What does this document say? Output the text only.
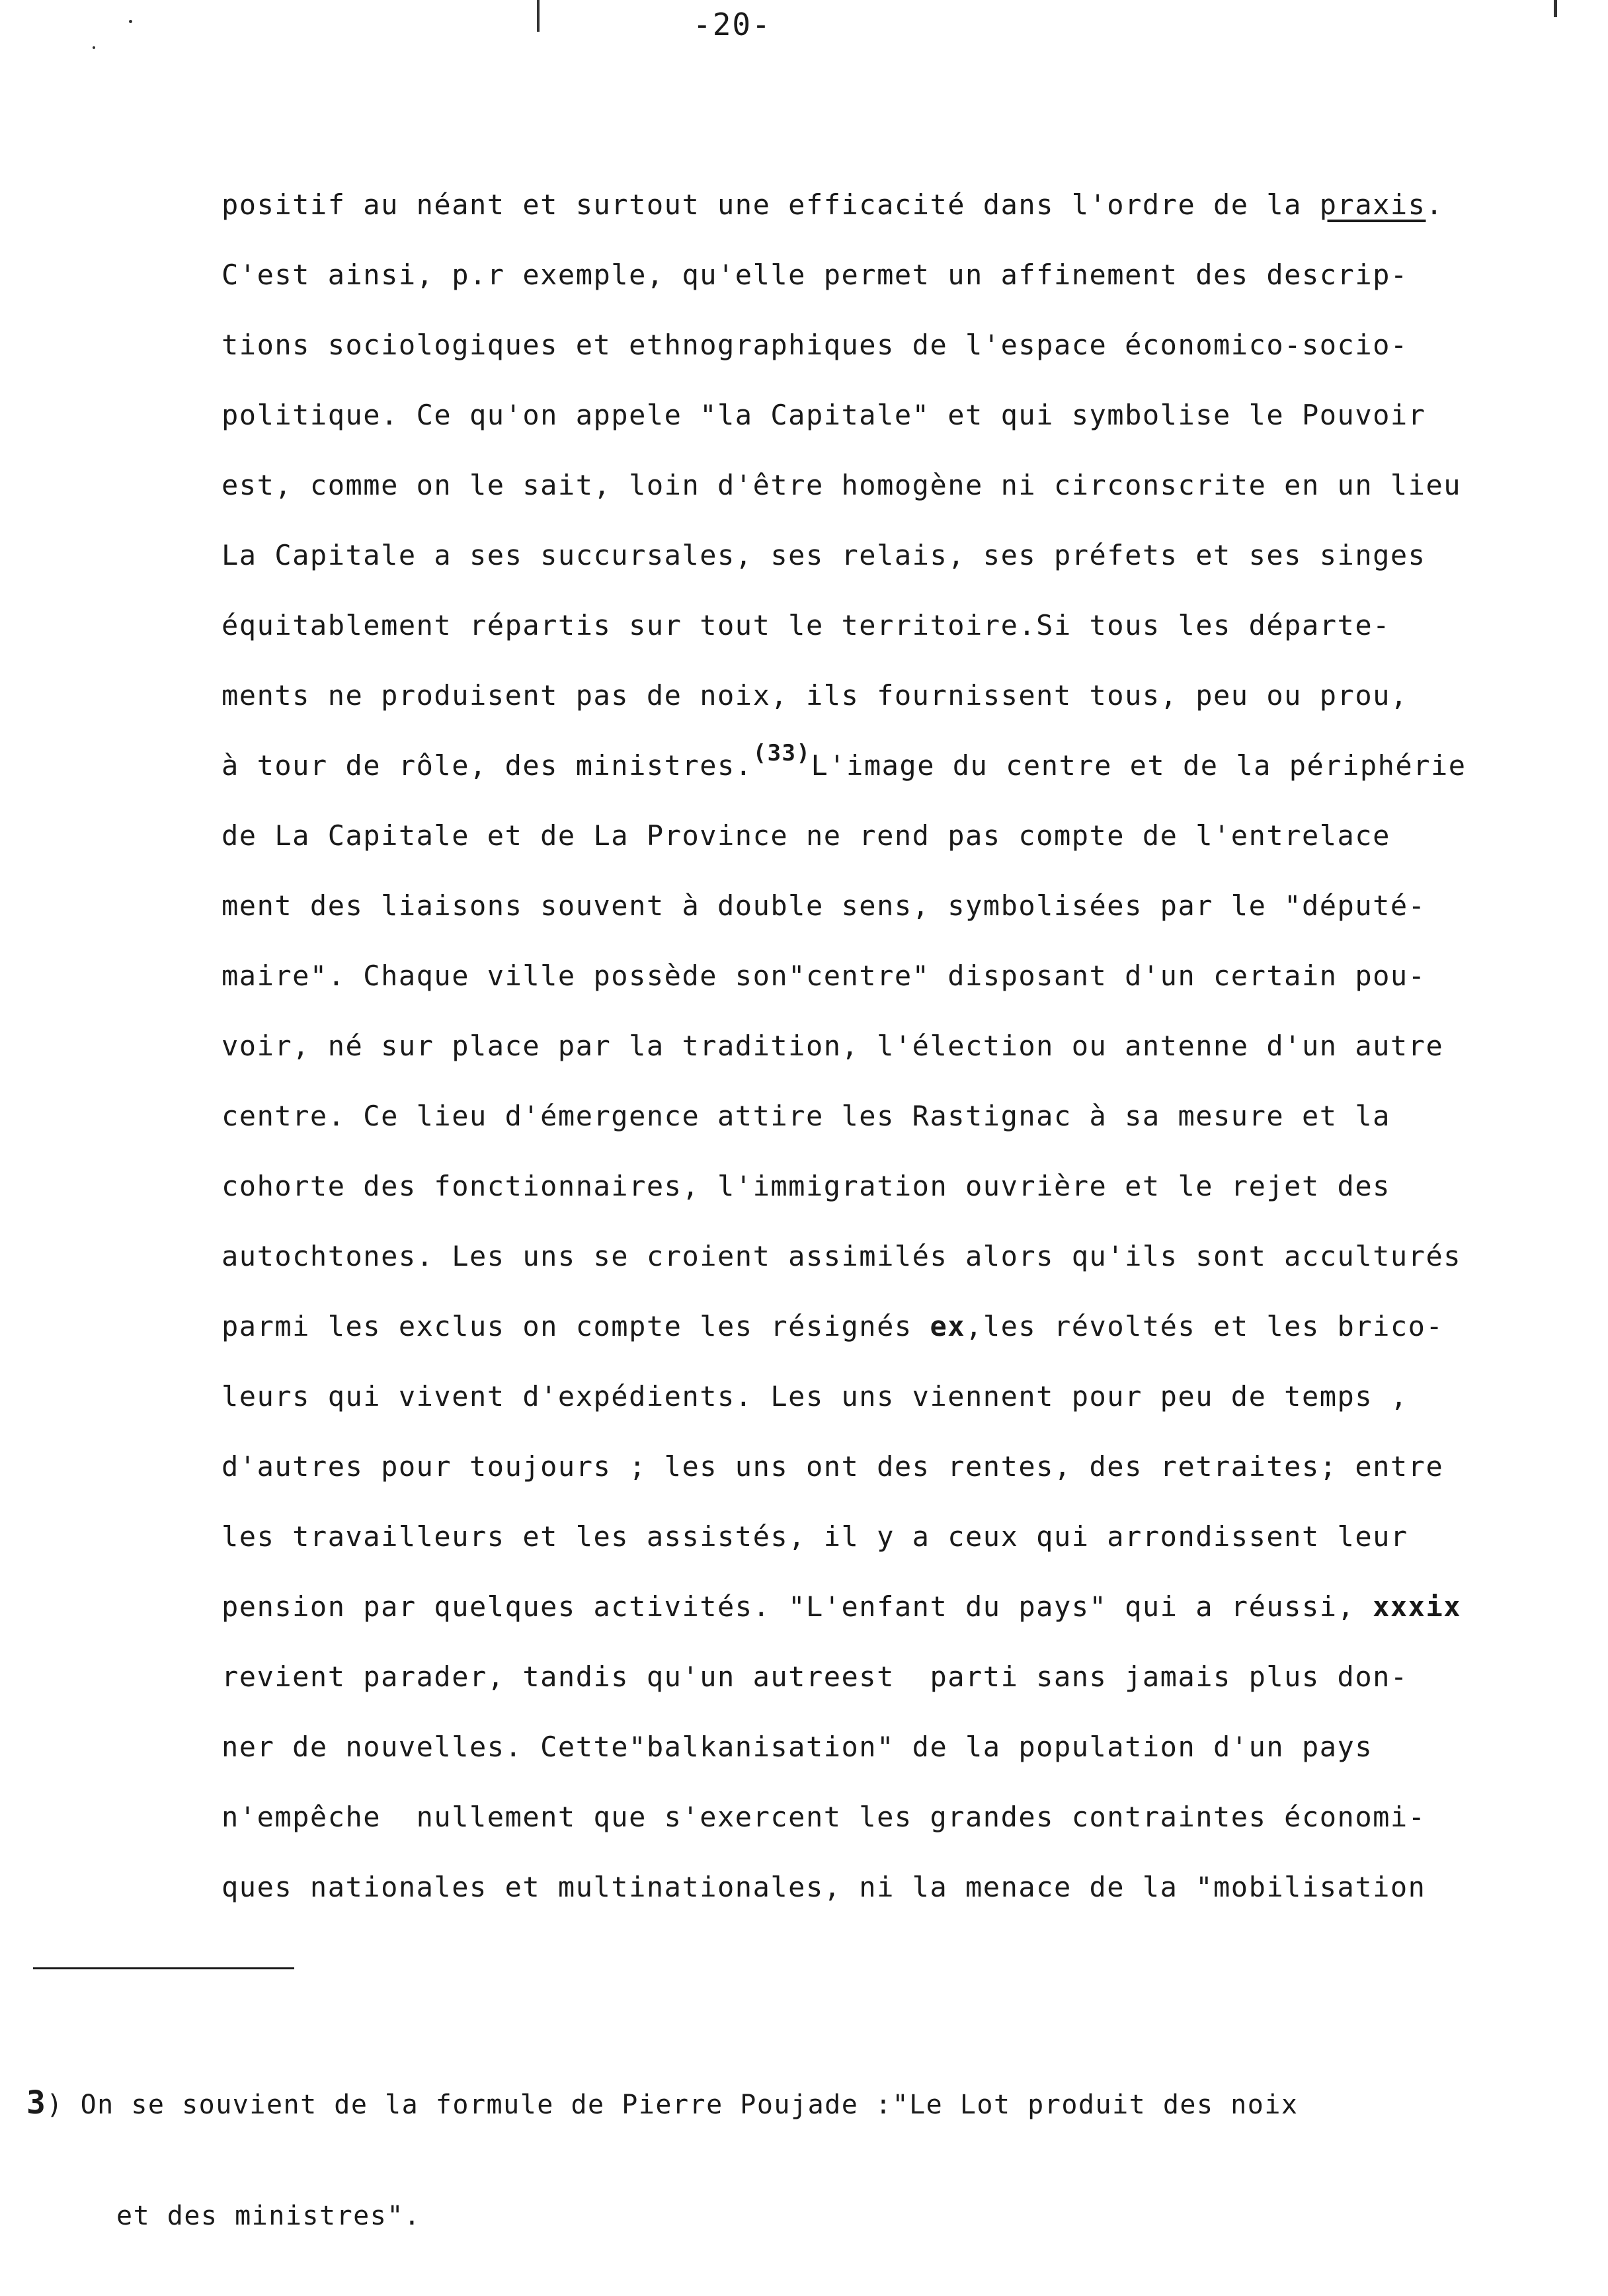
-20-
positif au néant et surtout une efficacité dans l'ordre de la praxis.
C'est ainsi, p.r exemple, qu'elle permet un affinement des descrip-
tions sociologiques et ethnographiques de l'espace économico-socio-
politique. Ce qu'on appele "la Capitale" et qui symbolise le Pouvoir
est, comme on le sait, loin d'être homogène ni circonscrite en un lieu
La Capitale a ses succursales, ses relais, ses préfets et ses singes
équitablement répartis sur tout le territoire.Si tous les départe-
ments ne produisent pas de noix, ils fournissent tous, peu ou prou,
à tour de rôle, des ministres.$^{(33)}$L'image du centre et de la périphérie
de La Capitale et de La Province ne rend pas compte de l'entrelace
ment des liaisons souvent à double sens, symbolisées par le "député-
maire". Chaque ville possède son"centre" disposant d'un certain pou-
voir, né sur place par la tradition, l'élection ou antenne d'un autre
centre. Ce lieu d'émergence attire les Rastignac à sa mesure et la
cohorte des fonctionnaires, l'immigration ouvrière et le rejet des
autochtones. Les uns se croient assimilés alors qu'ils sont acculturés
parmi les exclus on compte les résignés ex,les révoltés et les brico-
leurs qui vivent d'expédients. Les uns viennent pour peu de temps ,
d'autres pour toujours ; les uns ont des rentes, des retraites; entre
les travailleurs et les assistés, il y a ceux qui arrondissent leur
pension par quelques activités. "L'enfant du pays" qui a réussi, xxxix
revient parader, tandis qu'un autreest  parti sans jamais plus don-
ner de nouvelles. Cette"balkanisation" de la population d'un pays
n'empêche  nullement que s'exercent les grandes contraintes économi-
ques nationales et multinationales, ni la menace de la "mobilisation

3) On se souvient de la formule de Pierre Poujade :"Le Lot produit des noix

et des ministres".
